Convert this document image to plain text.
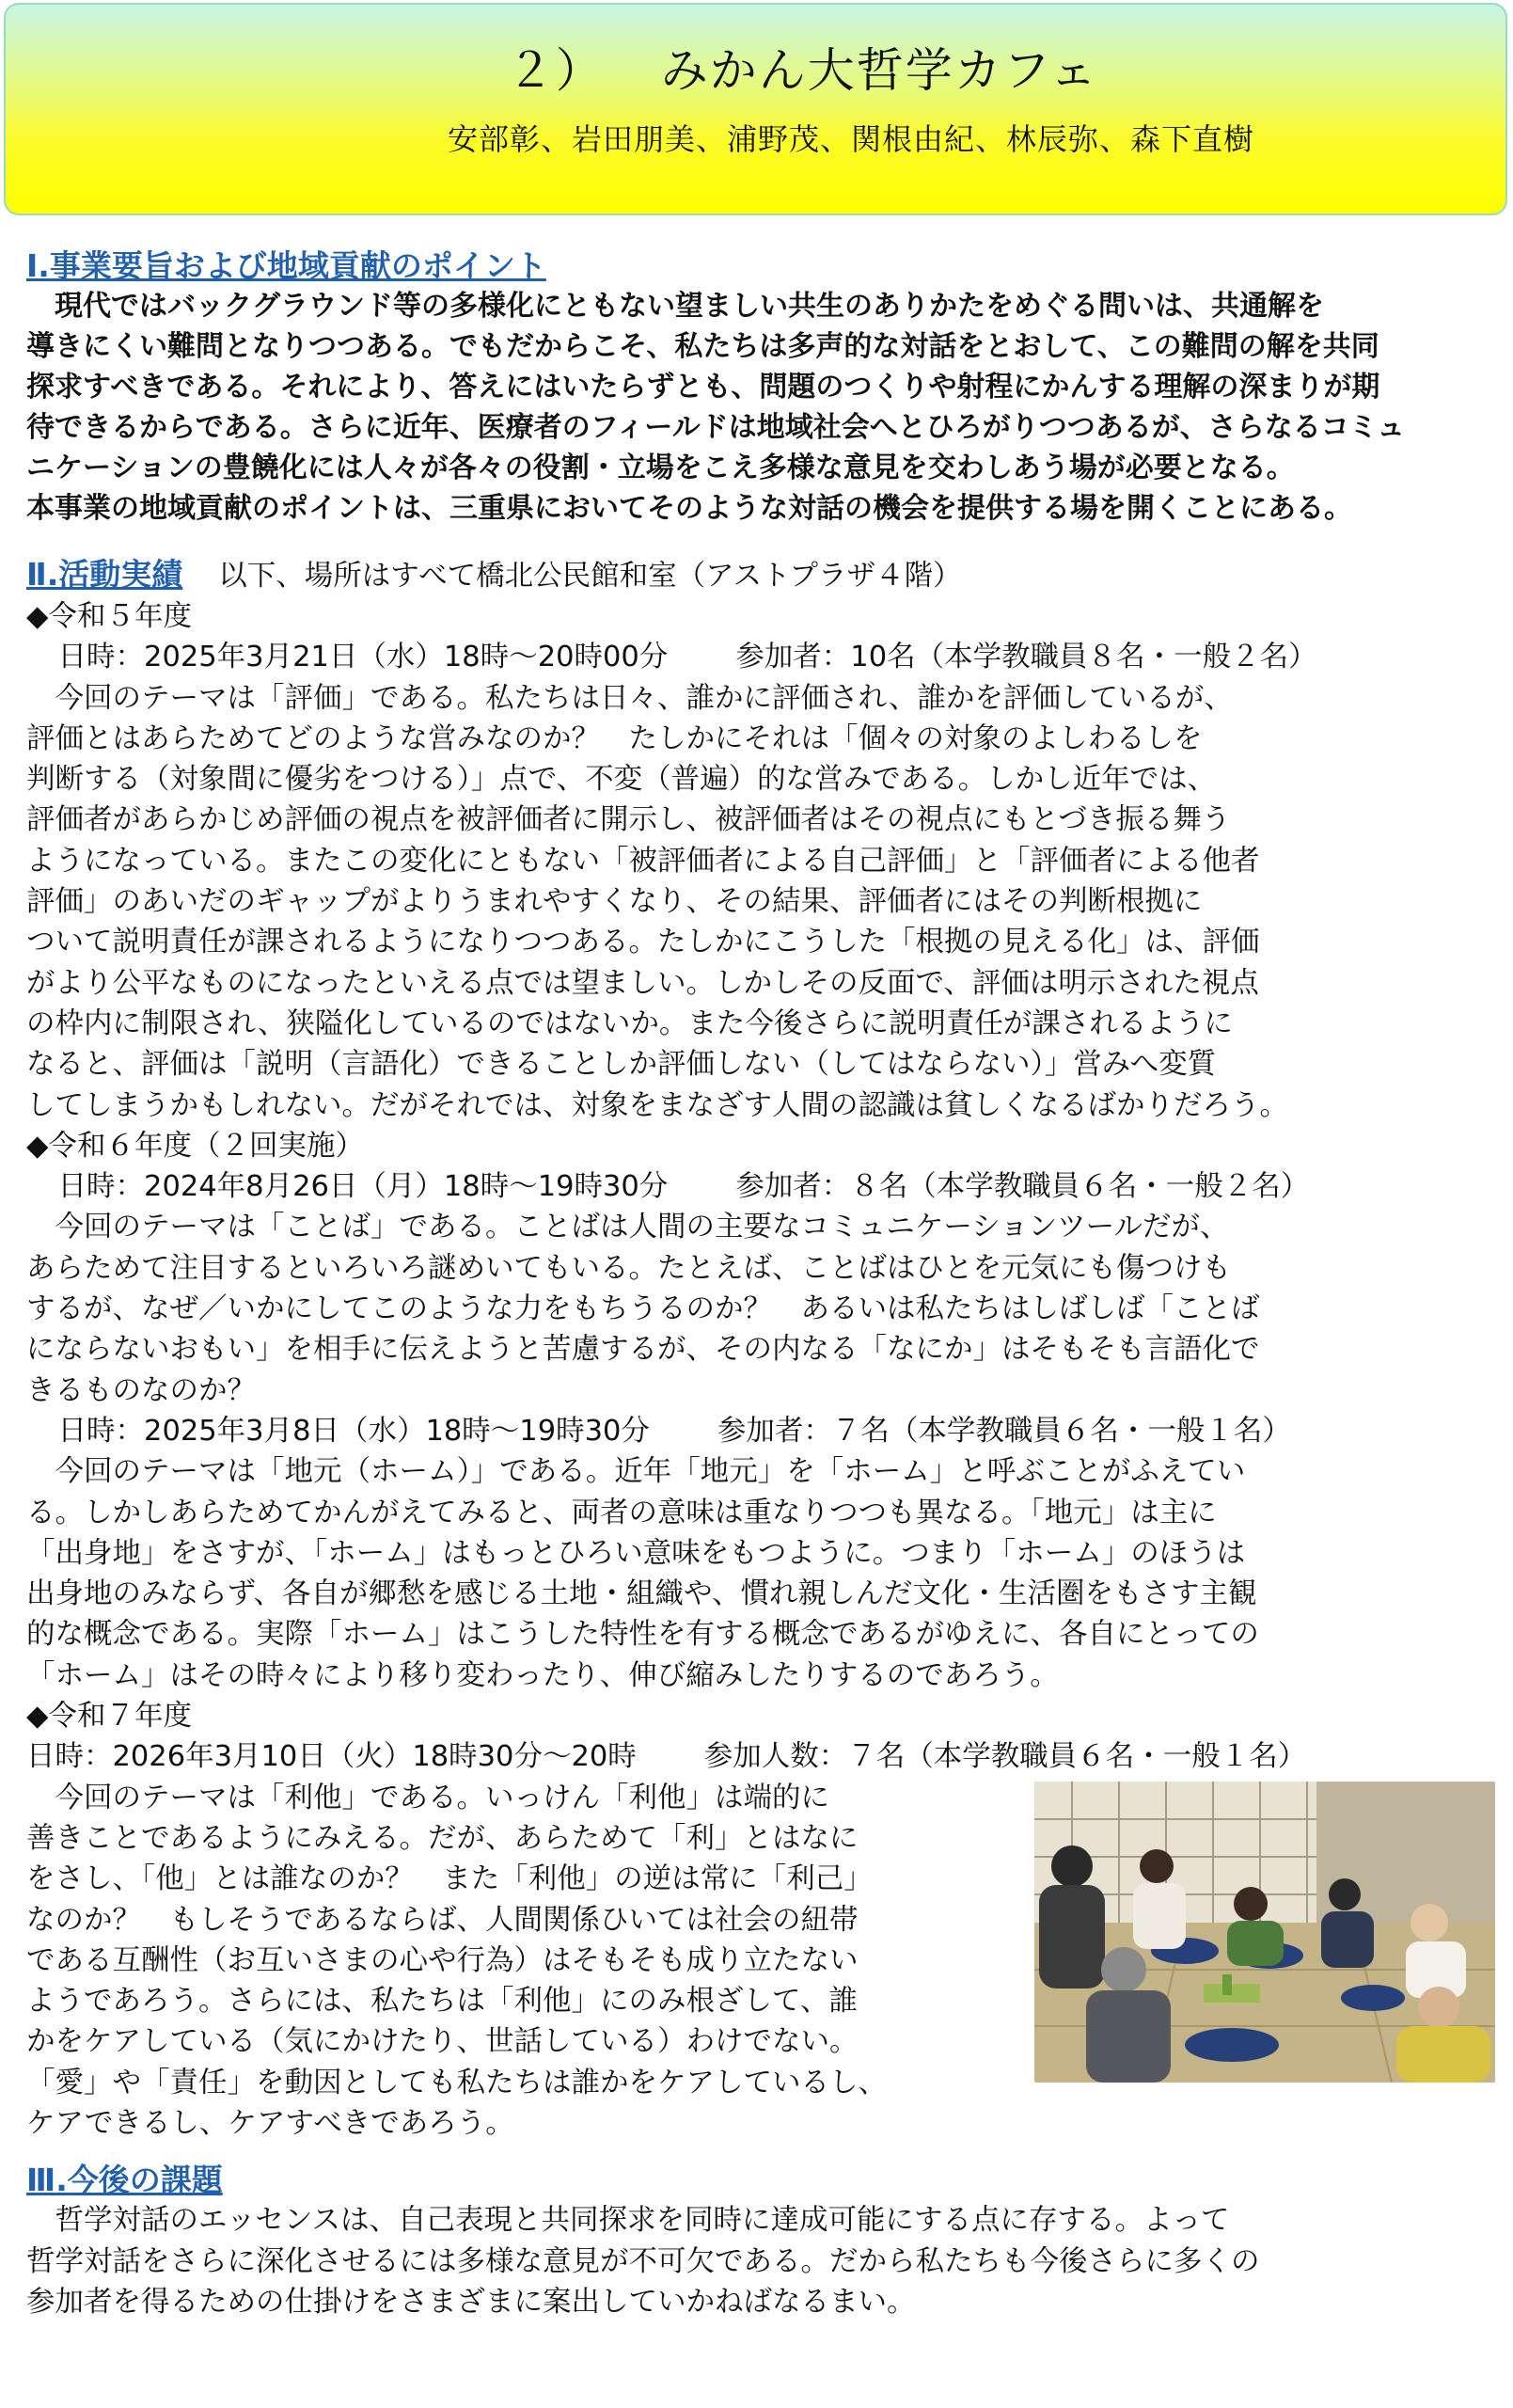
２） みかん大哲学カフェ
安部彰、岩田朋美、浦野茂、関根由紀、林辰弥、森下直樹
Ⅰ.事業要旨および地域貢献のポイント

　現代ではバックグラウンド等の多様化にともない望ましい共生のありかたをめぐる問いは、共通解を

導きにくい難問となりつつある。でもだからこそ、私たちは多声的な対話をとおして、この難問の解を共同

探求すべきである。それにより、答えにはいたらずとも、問題のつくりや射程にかんする理解の深まりが期

待できるからである。さらに近年、医療者のフィールドは地域社会へとひろがりつつあるが、さらなるコミュ

ニケーションの豊饒化には人々が各々の役割・立場をこえ多様な意見を交わしあう場が必要となる。

本事業の地域貢献のポイントは、三重県においてそのような対話の機会を提供する場を開くことにある。

Ⅱ.活動実績 以下、場所はすべて橋北公民館和室（アストプラザ４階）
◆令和５年度
日時：2025年3月21日（水）18時～20時00分 参加者：10名（本学教職員８名・一般２名）

　今回のテーマは「評価」である。私たちは日々、誰かに評価され、誰かを評価しているが、

評価とはあらためてどのような営みなのか？　たしかにそれは「個々の対象のよしわるしを

判断する（対象間に優劣をつける）」点で、不変（普遍）的な営みである。しかし近年では、

評価者があらかじめ評価の視点を被評価者に開示し、被評価者はその視点にもとづき振る舞う

ようになっている。またこの変化にともない「被評価者による自己評価」と「評価者による他者

評価」のあいだのギャップがよりうまれやすくなり、その結果、評価者にはその判断根拠に

ついて説明責任が課されるようになりつつある。たしかにこうした「根拠の見える化」は、評価

がより公平なものになったといえる点では望ましい。しかしその反面で、評価は明示された視点

の枠内に制限され、狭隘化しているのではないか。また今後さらに説明責任が課されるように

なると、評価は「説明（言語化）できることしか評価しない（してはならない）」営みへ変質

してしまうかもしれない。だがそれでは、対象をまなざす人間の認識は貧しくなるばかりだろう。

◆令和６年度（２回実施）
日時：2024年8月26日（月）18時～19時30分 参加者：８名（本学教職員６名・一般２名）

　今回のテーマは「ことば」である。ことばは人間の主要なコミュニケーションツールだが、

あらためて注目するといろいろ謎めいてもいる。たとえば、ことばはひとを元気にも傷つけも

するが、なぜ／いかにしてこのような力をもちうるのか？　あるいは私たちはしばしば「ことば

にならないおもい」を相手に伝えようと苦慮するが、その内なる「なにか」はそもそも言語化で

きるものなのか？

日時：2025年3月8日（水）18時～19時30分 参加者：７名（本学教職員６名・一般１名）

　今回のテーマは「地元（ホーム）」である。近年「地元」を「ホーム」と呼ぶことがふえてい

る。しかしあらためてかんがえてみると、両者の意味は重なりつつも異なる。「地元」は主に

「出身地」をさすが、「ホーム」はもっとひろい意味をもつように。つまり「ホーム」のほうは

出身地のみならず、各自が郷愁を感じる土地・組織や、慣れ親しんだ文化・生活圏をもさす主観

的な概念である。実際「ホーム」はこうした特性を有する概念であるがゆえに、各自にとっての

「ホーム」はその時々により移り変わったり、伸び縮みしたりするのであろう。

◆令和７年度
日時：2026年3月10日（火）18時30分～20時 参加人数：７名（本学教職員６名・一般１名）

　今回のテーマは「利他」である。いっけん「利他」は端的に

善きことであるようにみえる。だが、あらためて「利」とはなに

をさし、「他」とは誰なのか？　また「利他」の逆は常に「利己」

なのか？　もしそうであるならば、人間関係ひいては社会の紐帯

である互酬性（お互いさまの心や行為）はそもそも成り立たない

ようであろう。さらには、私たちは「利他」にのみ根ざして、誰

かをケアしている（気にかけたり、世話している）わけでない。

「愛」や「責任」を動因としても私たちは誰かをケアしているし、

ケアできるし、ケアすべきであろう。

Ⅲ.今後の課題

　哲学対話のエッセンスは、自己表現と共同探求を同時に達成可能にする点に存する。よって

哲学対話をさらに深化させるには多様な意見が不可欠である。だから私たちも今後さらに多くの

参加者を得るための仕掛けをさまざまに案出していかねばなるまい。
